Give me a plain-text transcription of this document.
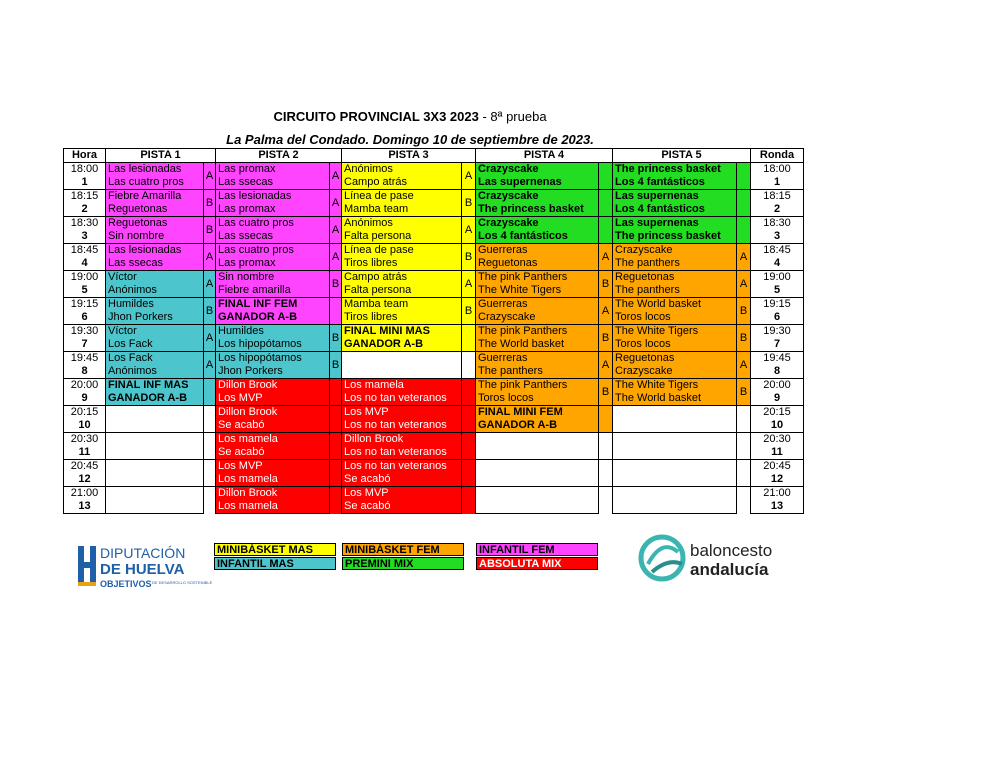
CIRCUITO PROVINCIAL 3X3 2023 - 8ª prueba
La Palma del Condado. Domingo 10 de septiembre de 2023.
Hora	PISTA 1		PISTA 2		PISTA 3		PISTA 4		PISTA 5		Ronda
18:00	Las lesionadas	A	Las promax	A	Anónimos	A	Crazyscake		The princess basket		18:00
1	Las cuatro pros		Las ssecas		Campo atrás		Las supernenas		Los 4 fantásticos		1
18:15	Fiebre Amarilla	B	Las lesionadas	A	Línea de pase	B	Crazyscake		Las supernenas		18:15
2	Reguetonas		Las promax		Mamba team		The princess basket		Los 4 fantásticos		2
18:30	Reguetonas	B	Las cuatro pros	A	Anónimos	A	Crazyscake		Las supernenas		18:30
3	Sin nombre		Las ssecas		Falta persona		Los 4 fantásticos		The princess basket		3
18:45	Las lesionadas	A	Las cuatro pros	A	Línea de pase	B	Guerreras	A	Crazyscake	A	18:45
4	Las ssecas		Las promax		Tiros libres		Reguetonas		The panthers		4
19:00	Víctor	A	Sin nombre	B	Campo atrás	A	The pink Panthers	B	Reguetonas	A	19:00
5	Anónimos		Fiebre amarilla		Falta persona		The White Tigers		The panthers		5
19:15	Humildes	B	FINAL INF FEM		Mamba team	B	Guerreras	A	The World basket	B	19:15
6	Jhon Porkers		GANADOR A-B		Tiros libres		Crazyscake		Toros locos		6
19:30	Víctor	A	Humildes	B	FINAL MINI MAS		The pink Panthers	B	The White Tigers	B	19:30
7	Los Fack		Los hipopótamos		GANADOR A-B		The World basket		Toros locos		7
19:45	Los Fack	A	Los hipopótamos	B			Guerreras	A	Reguetonas	A	19:45
8	Anónimos		Jhon Porkers				The panthers		Crazyscake		8
20:00	FINAL INF MAS		Dillon Brook		Los mamela		The pink Panthers	B	The White Tigers	B	20:00
9	GANADOR A-B		Los MVP		Los no tan veteranos		Toros locos		The World basket		9
20:15			Dillon Brook		Los MVP		FINAL MINI FEM				20:15
10			Se acabó		Los no tan veteranos		GANADOR A-B				10
20:30			Los mamela		Dillon Brook						20:30
11			Se acabó		Los no tan veteranos						11
20:45			Los MVP		Los no tan veteranos						20:45
12			Los mamela		Se acabó						12
21:00			Dillon Brook		Los MVP						21:00
13			Los mamela		Se acabó						13
DIPUTACIÓN
DE HUELVA
OBJETIVOS DE DESARROLLO SOSTENIBLE
MINIBÁSKET MAS
INFANTIL MAS
MINIBÁSKET FEM
PREMINI MIX
INFANTIL FEM
ABSOLUTA MIX
baloncesto
andalucía
